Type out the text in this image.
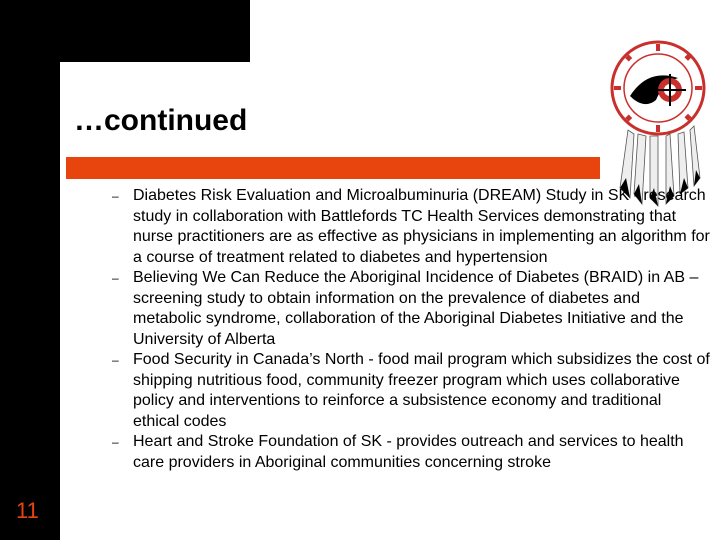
…continued
– Diabetes Risk Evaluation and Microalbuminuria (DREAM) Study in SK - research study in collaboration with Battlefords TC Health Services demonstrating that nurse practitioners are as effective as physicians in implementing an algorithm for a course of treatment related to diabetes and hypertension
– Believing We Can Reduce the Aboriginal Incidence of Diabetes (BRAID) in AB – screening study to obtain information on the prevalence of diabetes and metabolic syndrome, collaboration of the Aboriginal Diabetes Initiative and the University of Alberta
– Food Security in Canada’s North - food mail program which subsidizes the cost of shipping nutritious food, community freezer program which uses collaborative policy and interventions to reinforce a subsistence economy and traditional ethical codes
– Heart and Stroke Foundation of SK - provides outreach and services to health care providers in Aboriginal communities concerning stroke
11
